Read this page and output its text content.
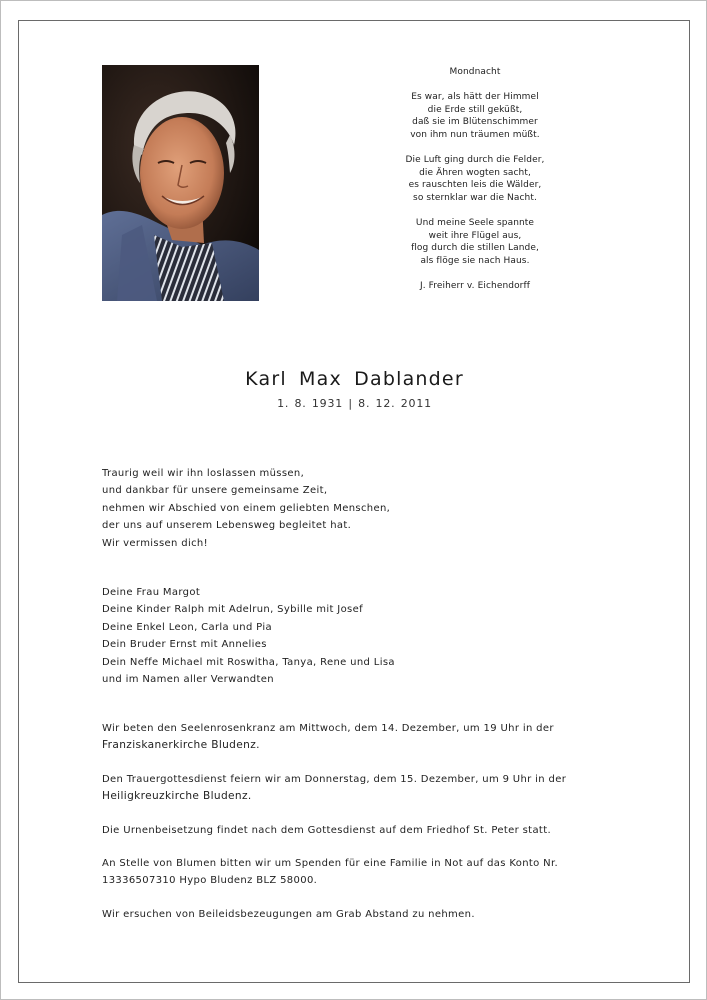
Mondnacht
Es war, als hätt der Himmel
die Erde still geküßt,
daß sie im Blütenschimmer
von ihm nun träumen müßt.
Die Luft ging durch die Felder,
die Ähren wogten sacht,
es rauschten leis die Wälder,
so sternklar war die Nacht.
Und meine Seele spannte
weit ihre Flügel aus,
flog durch die stillen Lande,
als flöge sie nach Haus.
J. Freiherr v. Eichendorff
Karl Max Dablander
1. 8. 1931 | 8. 12. 2011
Traurig weil wir ihn loslassen müssen,
und dankbar für unsere gemeinsame Zeit,
nehmen wir Abschied von einem geliebten Menschen,
der uns auf unserem Lebensweg begleitet hat.
Wir vermissen dich!
Deine Frau Margot
Deine Kinder Ralph mit Adelrun, Sybille mit Josef
Deine Enkel Leon, Carla und Pia
Dein Bruder Ernst mit Annelies
Dein Neffe Michael mit Roswitha, Tanya, Rene und Lisa
und im Namen aller Verwandten
Wir beten den Seelenrosenkranz am Mittwoch, dem 14. Dezember, um 19 Uhr in der
Franziskanerkirche Bludenz.
Den Trauergottesdienst feiern wir am Donnerstag, dem 15. Dezember, um 9 Uhr in der
Heiligkreuzkirche Bludenz.
Die Urnenbeisetzung findet nach dem Gottesdienst auf dem Friedhof St. Peter statt.
An Stelle von Blumen bitten wir um Spenden für eine Familie in Not auf das Konto Nr.
13336507310 Hypo Bludenz BLZ 58000.
Wir ersuchen von Beileidsbezeugungen am Grab Abstand zu nehmen.
